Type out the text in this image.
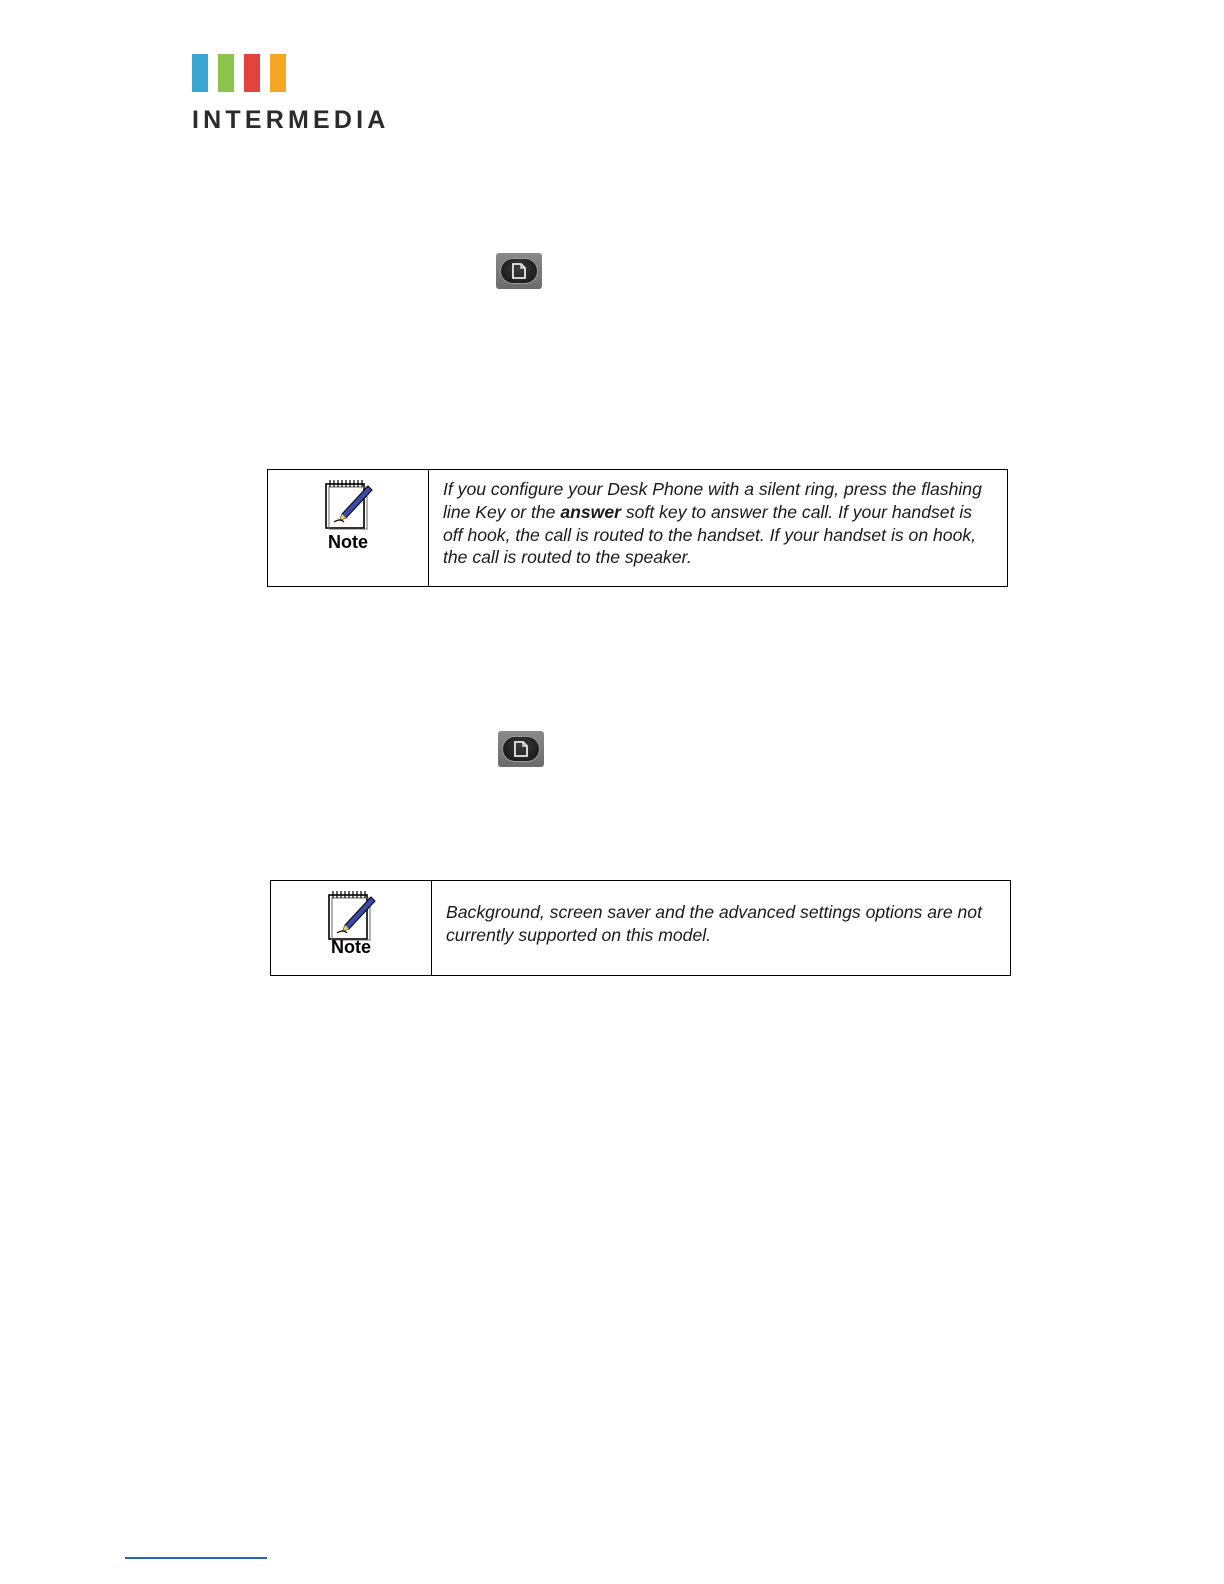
INTERMEDIA
Note
If you configure your Desk Phone with a silent ring, press the flashing line Key or the answer soft key to answer the call. If your handset is off hook, the call is routed to the handset. If your handset is on hook, the call is routed to the speaker.
Note
Background, screen saver and the advanced settings options are not currently supported on this model.
